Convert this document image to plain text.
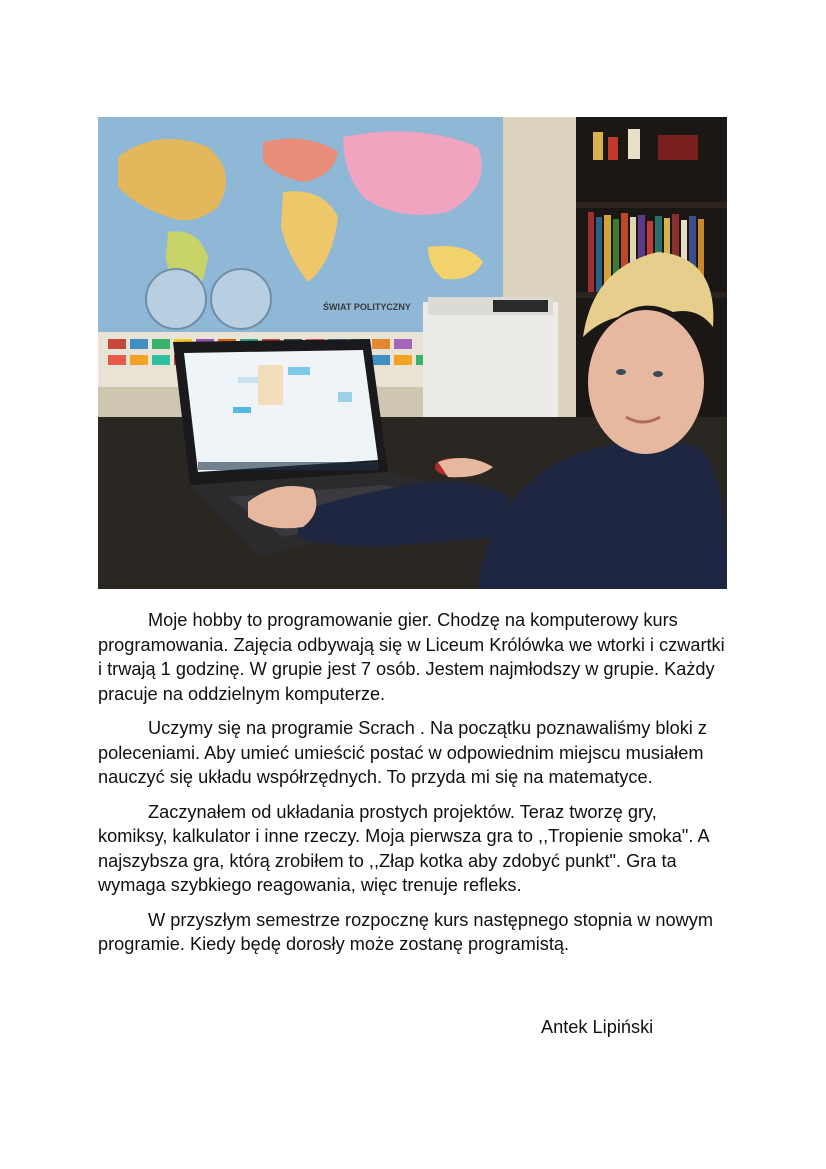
ŚWIAT POLITYCZNY

Moje hobby to programowanie gier. Chodzę na komputerowy kurs programowania. Zajęcia odbywają się w Liceum Królówka we wtorki i czwartki i trwają 1 godzinę. W grupie jest 7 osób. Jestem najmłodszy w grupie. Każdy pracuje na oddzielnym komputerze.

Uczymy się na programie Scrach . Na początku poznawaliśmy bloki z poleceniami. Aby umieć umieścić postać w odpowiednim miejscu musiałem nauczyć się układu współrzędnych. To przyda mi się na matematyce.

Zaczynałem od układania prostych projektów. Teraz tworzę gry, komiksy, kalkulator i inne rzeczy. Moja pierwsza gra to ,,Tropienie smoka". A najszybsza gra, którą zrobiłem to ,,Złap kotka aby zdobyć punkt". Gra ta wymaga szybkiego reagowania, więc trenuje refleks.

W przyszłym semestrze rozpocznę kurs następnego stopnia w nowym programie. Kiedy będę dorosły może zostanę programistą.

Antek Lipiński
